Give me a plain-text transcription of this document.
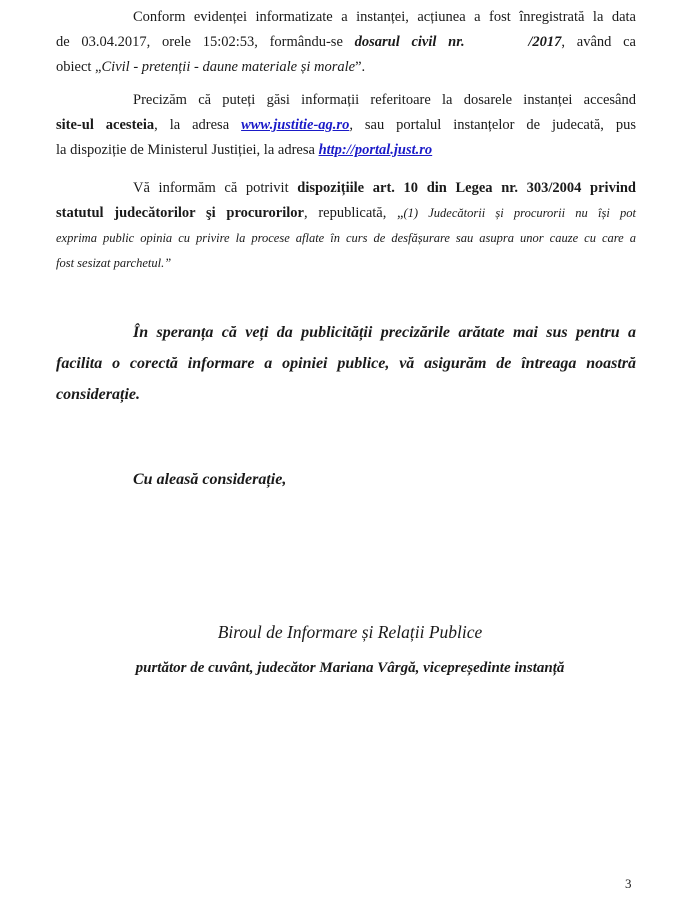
Conform evidenței informatizate a instanței, acțiunea a fost înregistrată la data
de 03.04.2017, orele 15:02:53, formându-se dosarul civil nr.	/2017, având ca
obiect „Civil - pretenții - daune materiale și morale”.
Precizăm că puteți găsi informații referitoare la dosarele instanței accesând
site-ul acesteia, la adresa www.justitie-ag.ro, sau portalul instanțelor de judecată, pus
la dispoziție de Ministerul Justiției, la adresa http://portal.just.ro
Vă informăm că potrivit dispozițiile art. 10 din Legea nr. 303/2004 privind
statutul judecătorilor şi procurorilor, republicată, „(1) Judecătorii și procurorii nu își pot
exprima public opinia cu privire la procese aflate în curs de desfășurare sau asupra unor cauze cu care a
fost sesizat parchetul.”
În speranța că veți da publicității precizările arătate mai sus pentru a
facilita o corectă informare a opiniei publice, vă asigurăm de întreaga noastră
considerație.
Cu aleasă considerație,
Biroul de Informare și Relații Publice
purtător de cuvânt, judecător Mariana Vârgă, vicepreședinte instanță
3
